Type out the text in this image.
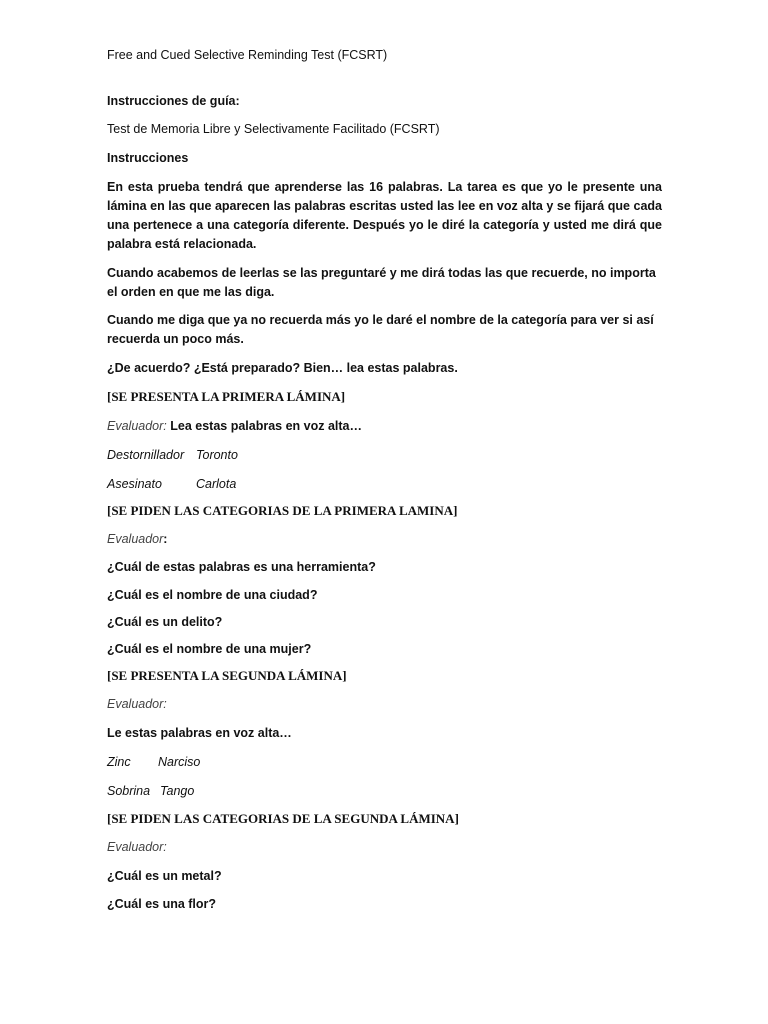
Free and Cued Selective Reminding Test (FCSRT)
Instrucciones de guía:
Test de Memoria Libre y Selectivamente Facilitado (FCSRT)
Instrucciones
En esta prueba tendrá que aprenderse las 16 palabras. La tarea es que yo le presente una lámina en las que aparecen las palabras escritas usted las lee en voz alta y se fijará que cada una pertenece a una categoría diferente. Después yo le diré la categoría y usted me dirá que palabra está relacionada.
Cuando acabemos de leerlas se las preguntaré y me dirá todas las que recuerde, no importa el orden en que me las diga.
Cuando me diga que ya no recuerda más yo le daré el nombre de la categoría para ver si así recuerda un poco más.
¿De acuerdo? ¿Está preparado? Bien… lea estas palabras.
[SE PRESENTA LA PRIMERA LÁMINA]
Evaluador: Lea estas palabras en voz alta…
Destornillador Toronto
Asesinato	Carlota
[SE PIDEN LAS CATEGORIAS DE LA PRIMERA LAMINA]
Evaluador:
¿Cuál de estas palabras es una herramienta?
¿Cuál es el nombre de una ciudad?
¿Cuál es un delito?
¿Cuál es el nombre de una mujer?
[SE PRESENTA LA SEGUNDA LÁMINA]
Evaluador:
Le estas palabras en voz alta…
Zinc Narciso
Sobrina Tango
[SE PIDEN LAS CATEGORIAS DE LA SEGUNDA LÁMINA]
Evaluador:
¿Cuál es un metal?
¿Cuál es una flor?
